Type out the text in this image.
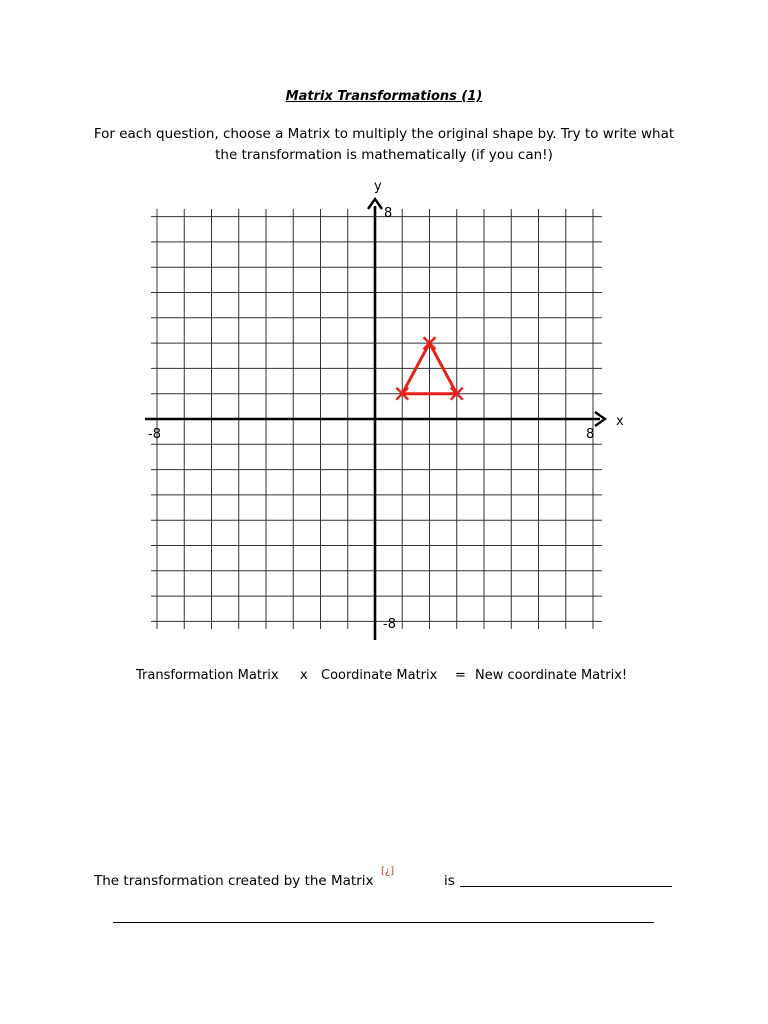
Matrix Transformations (1)
For each question, choose a Matrix to multiply the original shape by. Try to write what the transformation is mathematically (if you can!)
y
x
8
-8
-8	8
Transformation Matrix x Coordinate Matrix = New coordinate Matrix!
The transformation created by the Matrix
[¿]
is
